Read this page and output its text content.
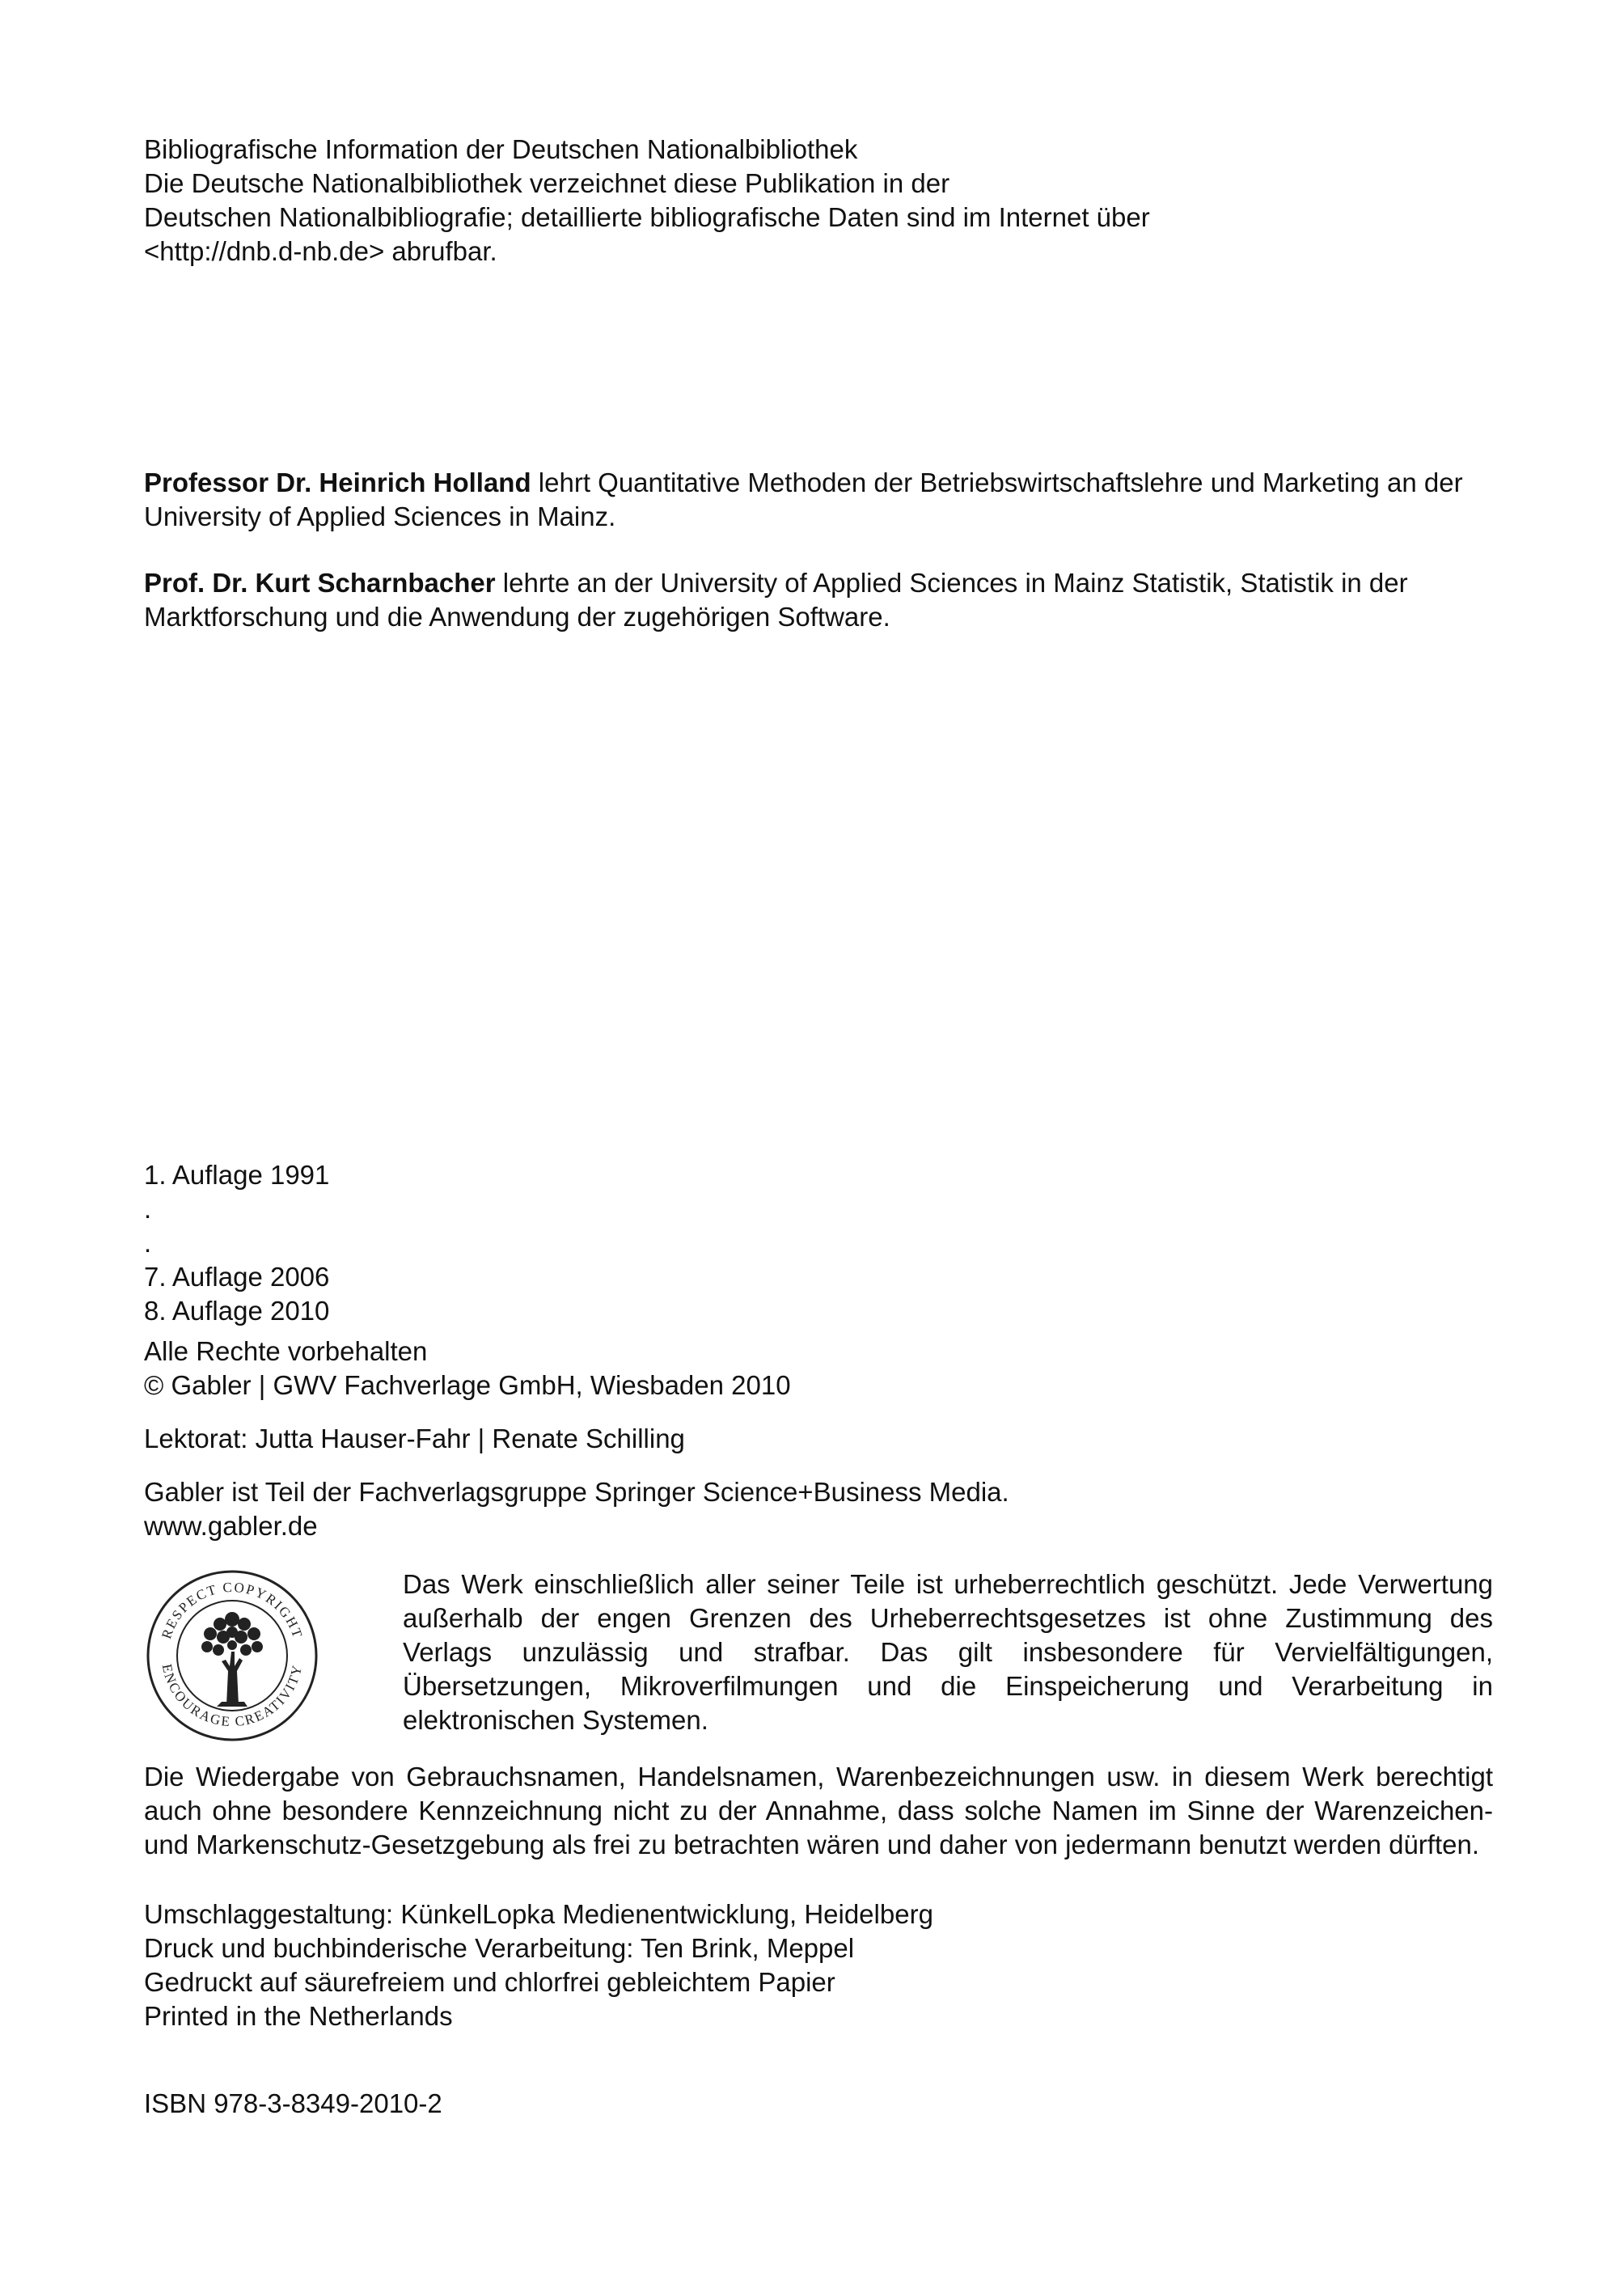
Bibliografische Information der Deutschen Nationalbibliothek
Die Deutsche Nationalbibliothek verzeichnet diese Publikation in der
Deutschen Nationalbibliografie; detaillierte bibliografische Daten sind im Internet über
<http://dnb.d-nb.de> abrufbar.

Professor Dr. Heinrich Holland lehrt Quantitative Methoden der Betriebswirtschaftslehre und Marketing an der University of Applied Sciences in Mainz.

Prof. Dr. Kurt Scharnbacher lehrte an der University of Applied Sciences in Mainz Statistik, Statistik in der Marktforschung und die Anwendung der zugehörigen Software.

1. Auflage 1991
.
.
7. Auflage 2006
8. Auflage 2010
Alle Rechte vorbehalten
© Gabler | GWV Fachverlage GmbH, Wiesbaden 2010
Lektorat: Jutta Hauser-Fahr | Renate Schilling
Gabler ist Teil der Fachverlagsgruppe Springer Science+Business Media.
www.gabler.de
RESPECT COPYRIGHT
ENCOURAGE CREATIVITY
Das Werk einschließlich aller seiner Teile ist urheberrechtlich geschützt. Jede Verwertung außerhalb der engen Grenzen des Urheberrechtsgesetzes ist ohne Zustimmung des Verlags unzulässig und strafbar. Das gilt insbesondere für Vervielfältigungen, Übersetzungen, Mikroverfilmungen und die Einspeicherung und Verarbeitung in elektronischen Systemen.
Die Wiedergabe von Gebrauchsnamen, Handelsnamen, Warenbezeichnungen usw. in diesem Werk berechtigt auch ohne besondere Kennzeichnung nicht zu der Annahme, dass solche Namen im Sinne der Warenzeichen- und Markenschutz-Gesetzgebung als frei zu betrachten wären und daher von jedermann benutzt werden dürften.
Umschlaggestaltung: KünkelLopka Medienentwicklung, Heidelberg
Druck und buchbinderische Verarbeitung: Ten Brink, Meppel
Gedruckt auf säurefreiem und chlorfrei gebleichtem Papier
Printed in the Netherlands
ISBN 978-3-8349-2010-2
